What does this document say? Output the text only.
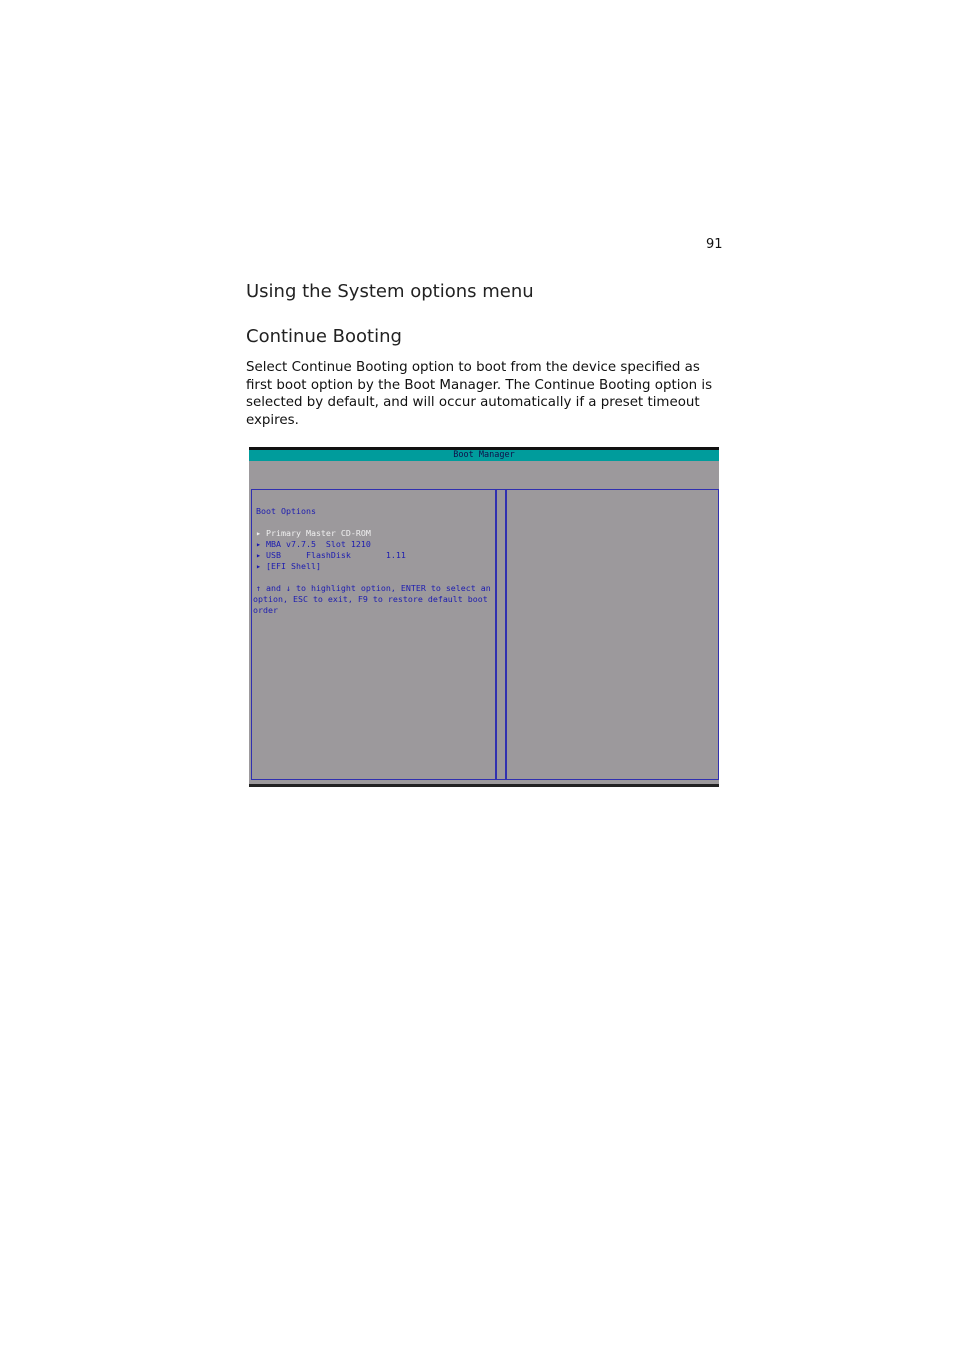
91
Using the System options menu
Continue Booting
Select Continue Booting option to boot from the device specified as first boot option by the Boot Manager. The Continue Booting option is selected by default, and will occur automatically if a preset timeout expires.
Boot Manager
Boot Options
▸ Primary Master CD-ROM
▸ MBA v7.7.5  Slot 1210
▸ USB     FlashDisk       1.11
▸ [EFI Shell]
↑ and ↓ to highlight option, ENTER to select an
option, ESC to exit, F9 to restore default boot
order
